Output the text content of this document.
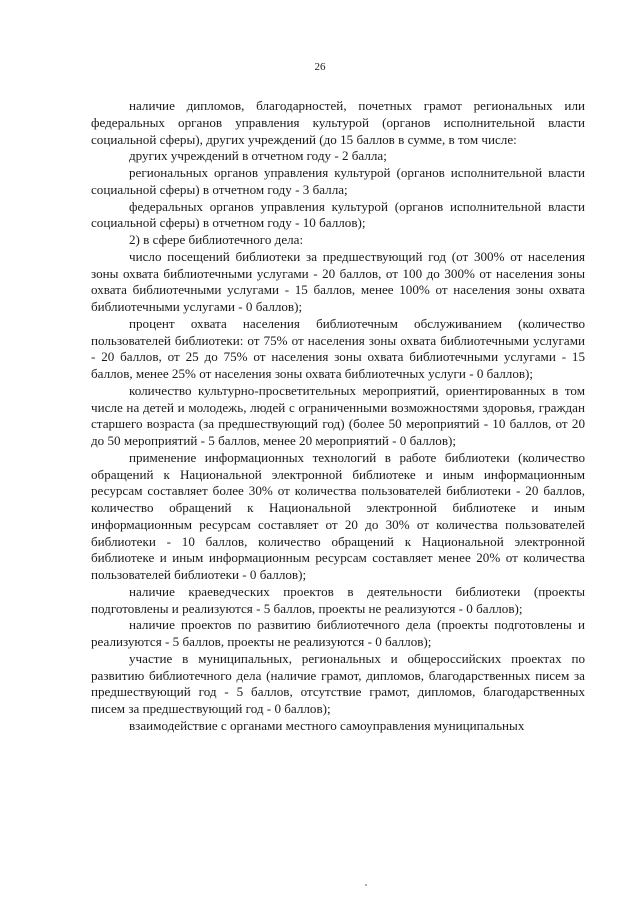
26

наличие дипломов, благодарностей, почетных грамот региональных или федеральных органов управления культурой (органов исполнительной власти социальной сферы), других учреждений (до 15 баллов в сумме, в том числе:

других учреждений в отчетном году - 2 балла;

региональных органов управления культурой (органов исполнительной власти социальной сферы) в отчетном году - 3 балла;

федеральных органов управления культурой (органов исполнительной власти социальной сферы) в отчетном году - 10 баллов);

2) в сфере библиотечного дела:

число посещений библиотеки за предшествующий год (от 300% от населения зоны охвата библиотечными услугами - 20 баллов, от 100 до 300% от населения зоны охвата библиотечными услугами - 15 баллов, менее 100% от населения зоны охвата библиотечными услугами - 0 баллов);

процент охвата населения библиотечным обслуживанием (количество пользователей библиотеки: от 75% от населения зоны охвата библиотечными услугами - 20 баллов, от 25 до 75% от населения зоны охвата библиотечными услугами - 15 баллов, менее 25% от населения зоны охвата библиотечных услуги - 0 баллов);

количество культурно-просветительных мероприятий, ориентированных в том числе на детей и молодежь, людей с ограниченными возможностями здоровья, граждан старшего возраста (за предшествующий год) (более 50 мероприятий - 10 баллов, от 20 до 50 мероприятий - 5 баллов, менее 20 мероприятий - 0 баллов);

применение информационных технологий в работе библиотеки (количество обращений к Национальной электронной библиотеке и иным информационным ресурсам составляет более 30% от количества пользователей библиотеки - 20 баллов, количество обращений к Национальной электронной библиотеке и иным информационным ресурсам составляет от 20 до 30% от количества пользователей библиотеки - 10 баллов, количество обращений к Национальной электронной библиотеке и иным информационным ресурсам составляет менее 20% от количества пользователей библиотеки - 0 баллов);

наличие краеведческих проектов в деятельности библиотеки (проекты подготовлены и реализуются - 5 баллов, проекты не реализуются - 0 баллов);

наличие проектов по развитию библиотечного дела (проекты подготовлены и реализуются - 5 баллов, проекты не реализуются - 0 баллов);

участие в муниципальных, региональных и общероссийских проектах по развитию библиотечного дела (наличие грамот, дипломов, благодарственных писем за предшествующий год - 5 баллов, отсутствие грамот, дипломов, благодарственных писем за предшествующий год - 0 баллов);

взаимодействие с органами местного самоуправления муниципальных
